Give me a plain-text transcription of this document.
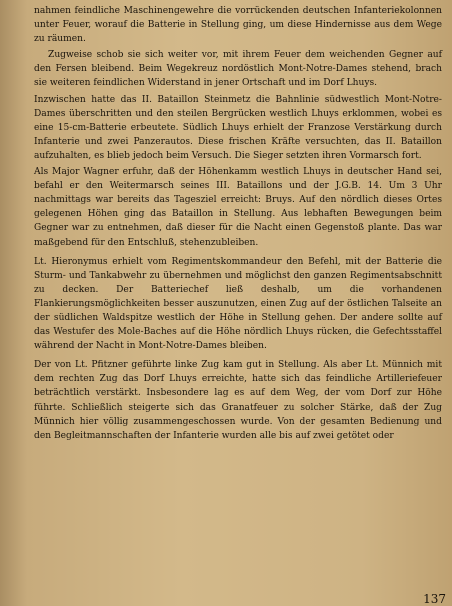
nahmen feindliche Maschinengewehre die vorrückenden deutschen Infanteriekolonnen unter Feuer, worauf die Batterie in Stellung ging, um diese Hindernisse aus dem Wege zu räumen.

Zugweise schob sie sich weiter vor, mit ihrem Feuer dem weichenden Gegner auf den Fersen bleibend. Beim Wegekreuz nordöstlich Mont-Notre-Dames stehend, brach sie weiteren feindlichen Widerstand in jener Ortschaft und im Dorf Lhuys.

Inzwischen hatte das II. Bataillon Steinmetz die Bahnlinie südwestlich Mont-Notre-Dames überschritten und den steilen Bergrücken westlich Lhuys erklommen, wobei es eine 15-cm-Batterie erbeutete. Südlich Lhuys erhielt der Franzose Verstärkung durch Infanterie und zwei Panzerautos. Diese frischen Kräfte versuchten, das II. Bataillon aufzuhalten, es blieb jedoch beim Versuch. Die Sieger setzten ihren Vormarsch fort.

Als Major Wagner erfuhr, daß der Höhenkamm westlich Lhuys in deutscher Hand sei, befahl er den Weitermarsch seines III. Bataillons und der J.G.B. 14. Um 3 Uhr nachmittags war bereits das Tagesziel erreicht: Bruys. Auf den nördlich dieses Ortes gelegenen Höhen ging das Bataillon in Stellung. Aus lebhaften Bewegungen beim Gegner war zu entnehmen, daß dieser für die Nacht einen Gegenstoß plante. Das war maßgebend für den Entschluß, stehenzubleiben.

Lt. Hieronymus erhielt vom Regimentskommandeur den Befehl, mit der Batterie die Sturm- und Tankabwehr zu übernehmen und möglichst den ganzen Regimentsabschnitt zu decken. Der Batteriechef ließ deshalb, um die vorhandenen Flankierungsmöglichkeiten besser auszunutzen, einen Zug auf der östlichen Talseite an der südlichen Waldspitze westlich der Höhe in Stellung gehen. Der andere sollte auf das Westufer des Mole-Baches auf die Höhe nördlich Lhuys rücken, die Gefechtsstaffel während der Nacht in Mont-Notre-Dames bleiben.

Der von Lt. Pfitzner geführte linke Zug kam gut in Stellung. Als aber Lt. Münnich mit dem rechten Zug das Dorf Lhuys erreichte, hatte sich das feindliche Artilleriefeuer beträchtlich verstärkt. Insbesondere lag es auf dem Weg, der vom Dorf zur Höhe führte. Schließlich steigerte sich das Granatfeuer zu solcher Stärke, daß der Zug Münnich hier völlig zusammengeschossen wurde. Von der gesamten Bedienung und den Begleitmannschaften der Infanterie wurden alle bis auf zwei getötet oder

137
